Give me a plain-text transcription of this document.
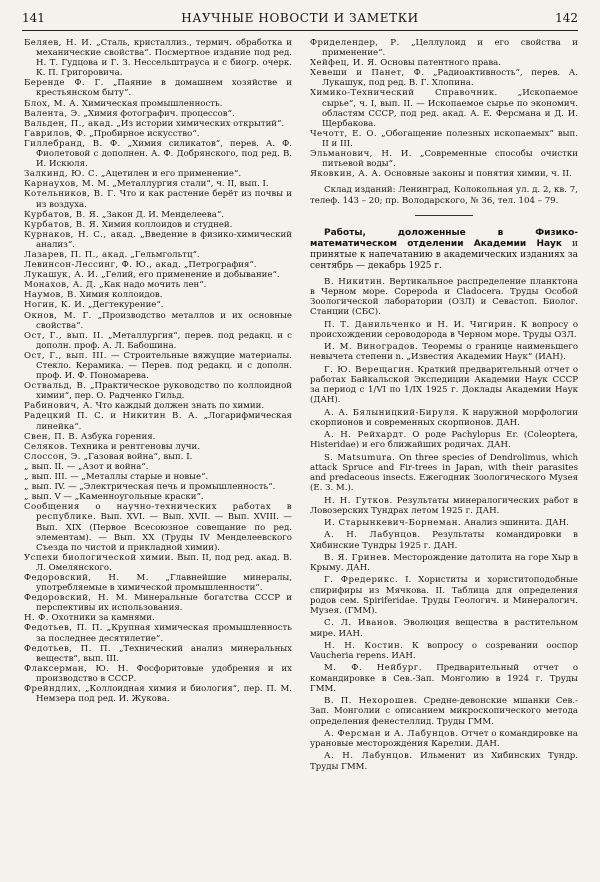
141	НАУЧНЫЕ НОВОСТИ И ЗАМЕТКИ	142

Беляев, Н. И. „Сталь, кристаллиз., термич. обработка и механические свойства“. Посмертное издание под ред. Н. Т. Гудцова и Г. З. Нессельштрауса и с биогр. очерк. К. П. Григоровича.

Беренде Ф. Г. „Паяние в домашнем хозяйстве и крестьянском быту“.

Блох, М. А. Химическая промышленность.

Валента, Э. „Химия фотографич. процессов“.

Вальден, П., акад. „Из истории химических открытий“.

Гаврилов, Ф. „Пробирное искусство“.

Гиллебранд, В. Ф. „Химия силикатов“, перев. А. Ф. Фиолетовой с дополнен. А. Ф. Добрянского, под ред. В. И. Искюля.

Залкинд, Ю. С. „Ацетилен и его применение“.

Карнаухов, М. М. „Металлургия стали“, ч. II, вып. I.

Котельников, В. Г. Что и как растение берёт из почвы и из воздуха.

Курбатов, В. Я. „Закон Д. И. Менделеева“.

Курбатов, В. Я. Химия коллоидов и студней.

Курнаков, Н. С., акад. „Введение в физико-химический анализ“.

Лазарев, П. П., акад. „Гельмгольтц“.

Левинсон-Лессинг, Ф. Ю., акад. „Петрография“.

Лукашук, А. И. „Гелий, его применение и добывание“.

Монахов, А. Д. „Как надо мочить лен“.

Наумов, В. Химия коллоидов.

Ногин, К. И. „Дегтекурение“.

Окнов, М. Г. „Производство металлов и их основные свойства“.

Ост, Г., вып. II. „Металлургия“, перев. под редакц. и с дополн. проф. А. Л. Бабошина.

Ост, Г., вып. III. — Строительные вяжущие материалы. Стекло. Керамика. — Перев. под редакц. и с дополн. проф. И. Ф. Пономарева.

Оствальд, В. „Практическое руководство по коллоидной химии“, пер. О. Радченко Гильд.

Рабинович, А. Что каждый должен знать по химии.

Радецкий П. С. и Никитин В. А. „Логарифмическая линейка“.

Свен, П. В. Азбука горения.

Селяков. Техника и рентгеновы лучи.

Слоссон, Э. „Газовая война“, вып. I.

„ вып. II. — „Азот и война“.

„ вып. III. — „Металлы старые и новые“.

„ вып. IV. — „Электрическая печь и промышленность“.

„ вып. V — „Каменноугольные краски“.

Сообщения о научно-технических работах в республике. Вып. XVI. — Вып. XVII. — Вып. XVIII. — Вып. XIX (Первое Всесоюзное совещание по ред. элементам). — Вып. XX (Труды IV Менделеевского Съезда по чистой и прикладной химии).

Успехи биологической химии. Вып. II, под ред. акад. В. Л. Омелянского.

Федоровский, Н. М. „Главнейшие минералы, употребляемые в химической промышленности“.

Федоровский, Н. М. Минеральные богатства СССР и перспективы их использования.

Н. Ф. Охотники за камнями.

Федотьев, П. П. „Крупная химическая промышленность за последнее десятилетие“.

Федотьев, П. П. „Технический анализ минеральных веществ“, вып. III.

Флаксерман, Ю. Н. Фосфоритовые удобрения и их производство в СССР.

Фрейндлих, „Коллоидная химия и биология“, пер. П. М. Немзера под ред. И. Жукова.

Фриделендер, Р. „Целлулоид и его свойства и применение“.

Хейфец, И. Я. Основы патентного права.

Хевеши и Панет, Ф. „Радиоактивность“, перев. А. Лукашук, под ред. В. Г. Хлопина.

Химико-Технический Справочник. „Ископаемое сырье“, ч. I, вып. II. — Ископаемое сырье по экономич. областям СССР, под ред. акад. А. Е. Ферсмана и Д. И. Щербакова.

Чечотт, Е. О. „Обогащение полезных ископаемых“ вып. II и III.

Эльманович, Н. И. „Современные способы очистки питьевой воды“.

Яковкин, А. А. Основные законы и понятия химии, ч. II.

Склад изданий: Ленинград, Колокольная ул. д. 2, кв. 7, телеф. 143 – 20; пр. Володарского, № 36, тел. 104 – 79.

Работы, доложенные в Физико-математическом отделении Академии Наук и принятые к напечатанию в академических изданиях за сентябрь — декабрь 1925 г.

В. Никитин. Вертикальное распределение планктона в Черном море. Copepoda и Cladocera. Труды Особой Зоологической лаборатории (ОЗЛ) и Севастоп. Биолог. Станции (СБС).

П. Т. Данильченко и Н. И. Чигирин. К вопросу о происхождении сероводорода в Черном море. Труды ОЗЛ.

И. М. Виноградов. Теоремы о границе наименьшего невычета степени n. „Известия Академии Наук“ (ИАН).

Г. Ю. Верещагин. Краткий предварительный отчет о работах Байкальской Экспедиции Академии Наук СССР за период с 1/VI по 1/IX 1925 г. Доклады Академии Наук (ДАН).

А. А. Бялыницкий-Бируля. К наружной морфологии скорпионов и современных скорпионов. ДАН.

А. Н. Рейхардт. О роде Pachylopus Er. (Coleoptera, Histeridae) и его ближайших родичах. ДАН.

S. Matsumura. On three species of Dendrolimus, which attack Spruce and Fir-trees in Japan, with their parasites and predaceous insects. Ежегодник Зоологического Музея (Е. З. М.).

Н. Н. Гутков. Результаты минералогических работ в Ловозерских Тундрах летом 1925 г. ДАН.

И. Старынкевич-Борнеман. Анализ эшинита. ДАН.

А. Н. Лабунцов. Результаты командировки в Хибинские Тундры 1925 г. ДАН.

В. Я. Гринев. Месторождение датолита на горе Хыр в Крыму. ДАН.

Г. Фредерикс. I. Хориститы и хориститоподобные спирифиры из Мячкова. II. Таблица для определения родов сем. Spiriferidae. Труды Геологич. и Минералогич. Музея. (ГММ).

С. Л. Иванов. Эволюция вещества в растительном мире. ИАН.

Н. Н. Костин. К вопросу о созревании ооспор Vaucheria repens. ИАН.

М. Ф. Нейбург. Предварительный отчет о командировке в Сев.-Зап. Монголию в 1924 г. Труды ГММ.

В. П. Нехорошев. Средне-девонские мшанки Сев.-Зап. Монголии с описанием микроскопического метода определения фенестеллид. Труды ГММ.

А. Ферсман и А. Лабунцов. Отчет о командировке на урановые месторождения Карелии. ДАН.

А. Н. Лабунцов. Ильменит из Хибинских Тундр. Труды ГММ.
